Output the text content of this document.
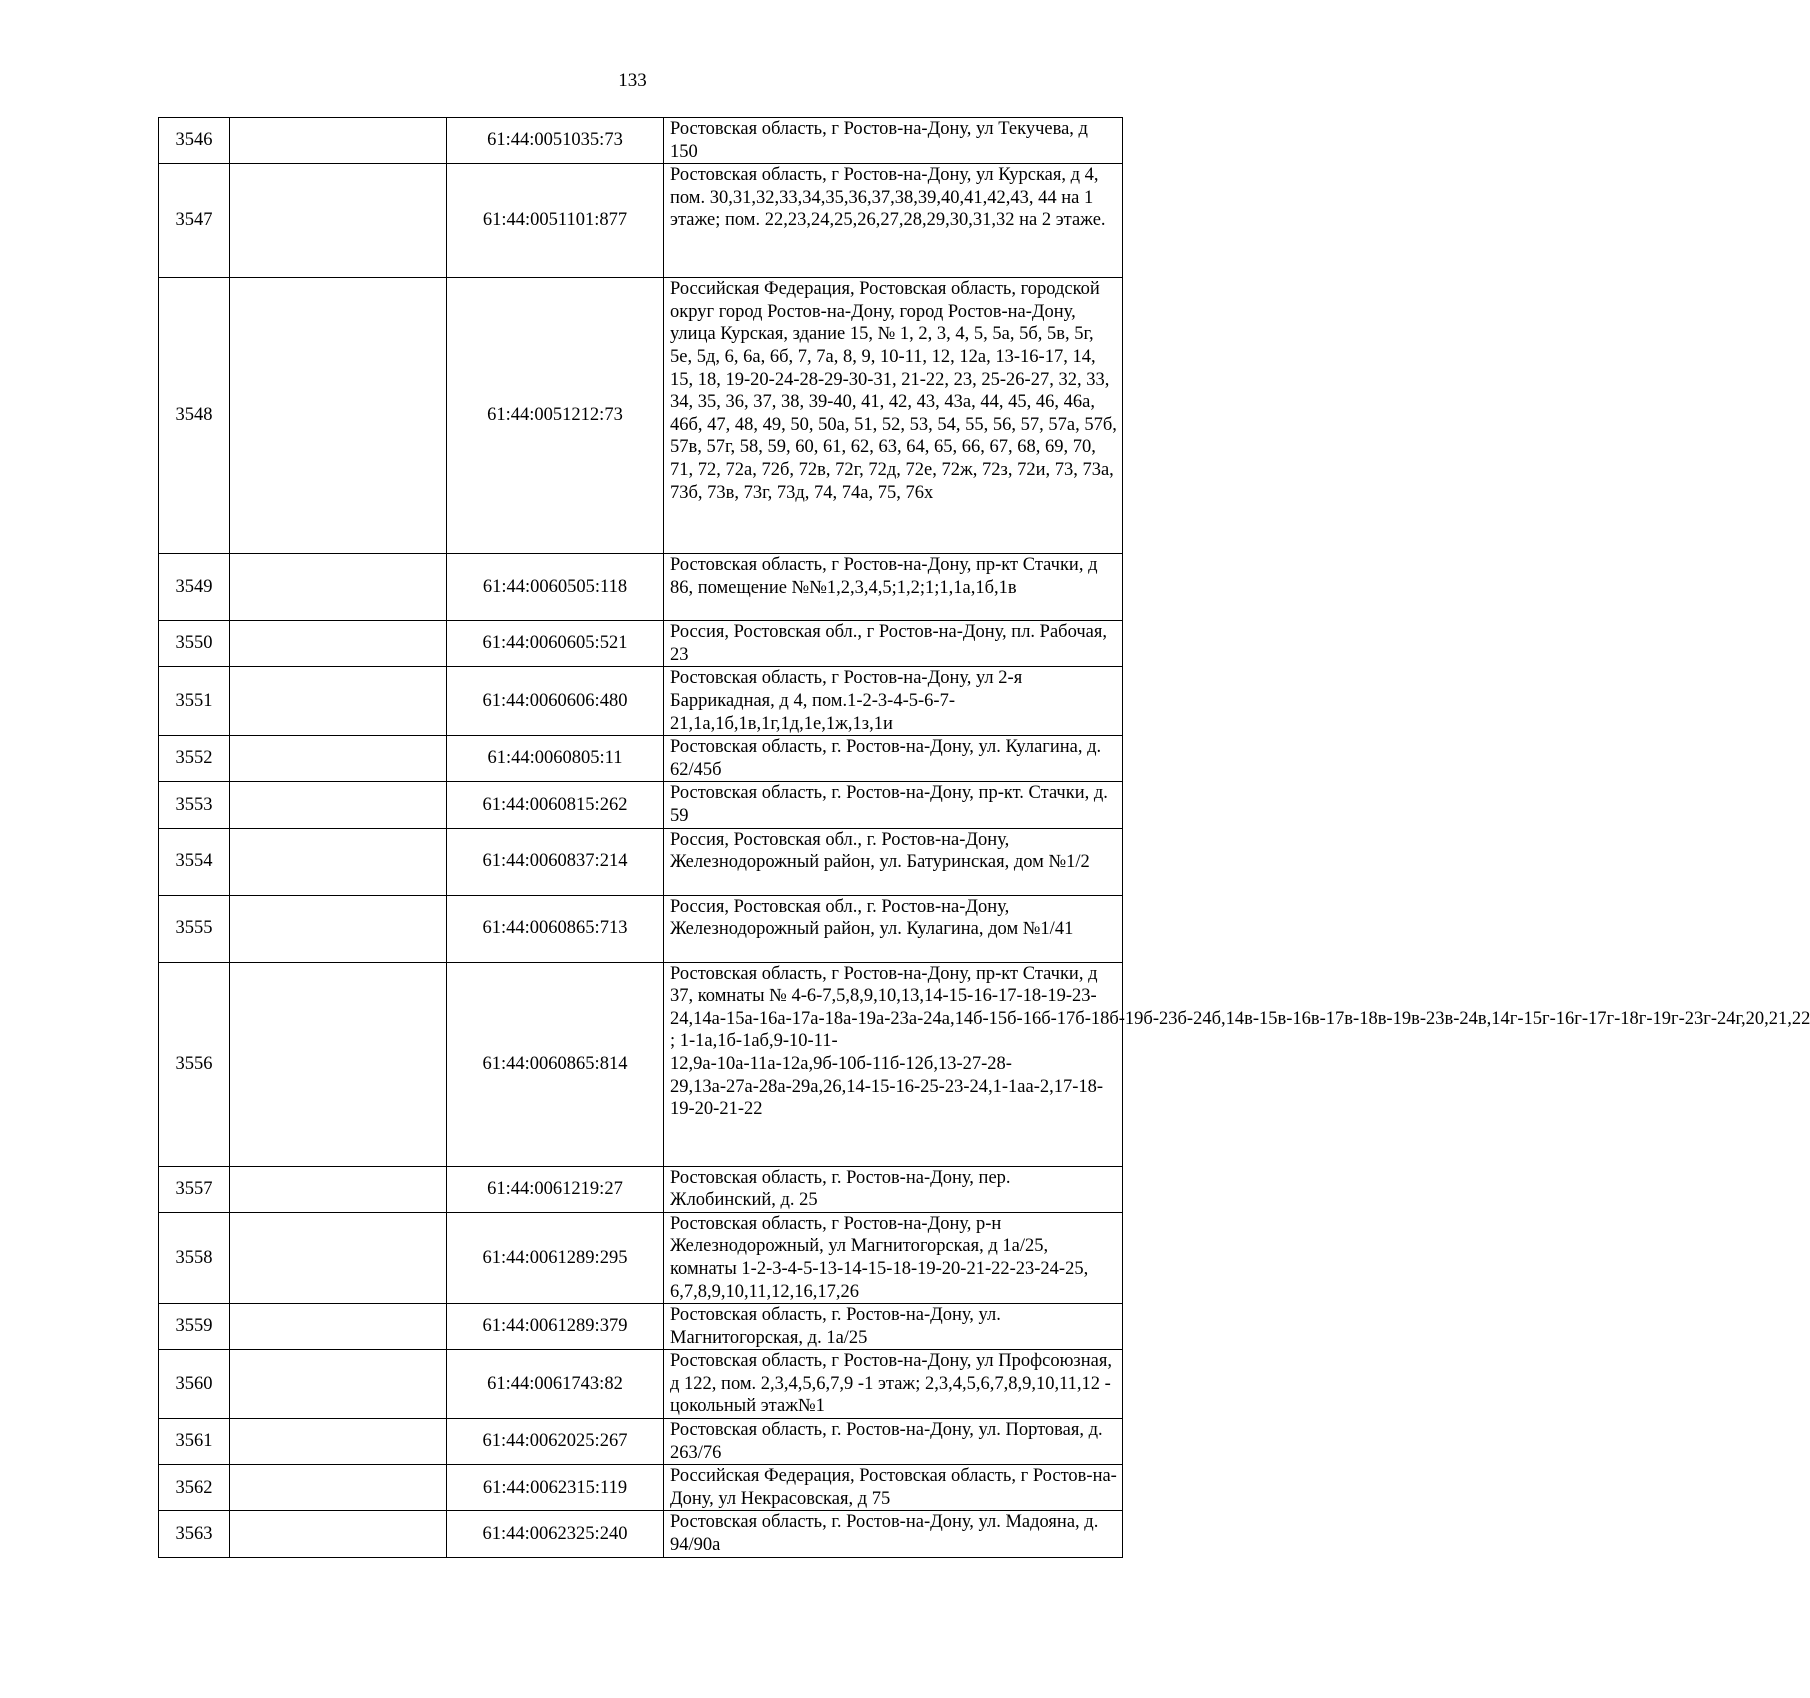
133
3546		61:44:0051035:73	Ростовская область, г Ростов-на-Дону, ул Текучева, д 150
3547		61:44:0051101:877	Ростовская область, г Ростов-на-Дону, ул Курская, д 4, пом. 30,31,32,33,34,35,36,37,38,39,40,41,42,43, 44 на 1 этаже; пом. 22,23,24,25,26,27,28,29,30,31,32 на 2 этаже.
3548		61:44:0051212:73	Российская Федерация, Ростовская область, городской округ город Ростов-на-Дону, город Ростов-на-Дону, улица Курская, здание 15, № 1, 2, 3, 4, 5, 5а, 5б, 5в, 5г, 5е, 5д, 6, 6а, 6б, 7, 7а, 8, 9, 10-11, 12, 12а, 13-16-17, 14, 15, 18, 19-20-24-28-29-30-31, 21-22, 23, 25-26-27, 32, 33, 34, 35, 36, 37, 38, 39-40, 41, 42, 43, 43а, 44, 45, 46, 46а, 46б, 47, 48, 49, 50, 50а, 51, 52, 53, 54, 55, 56, 57, 57а, 57б, 57в, 57г, 58, 59, 60, 61, 62, 63, 64, 65, 66, 67, 68, 69, 70, 71, 72, 72а, 72б, 72в, 72г, 72д, 72е, 72ж, 72з, 72и, 73, 73а, 73б, 73в, 73г, 73д, 74, 74а, 75, 76х
3549		61:44:0060505:118	Ростовская область, г Ростов-на-Дону, пр-кт Стачки, д 86, помещение №№1,2,3,4,5;1,2;1;1,1а,1б,1в
3550		61:44:0060605:521	Россия, Ростовская обл., г Ростов-на-Дону, пл. Рабочая, 23
3551		61:44:0060606:480	Ростовская область, г Ростов-на-Дону, ул 2-я Баррикадная, д 4, пом.1-2-3-4-5-6-7-21,1а,1б,1в,1г,1д,1е,1ж,1з,1и
3552		61:44:0060805:11	Ростовская область, г. Ростов-на-Дону, ул. Кулагина, д. 62/45б
3553		61:44:0060815:262	Ростовская область, г. Ростов-на-Дону, пр-кт. Стачки, д. 59
3554		61:44:0060837:214	Россия, Ростовская обл., г. Ростов-на-Дону, Железнодорожный район, ул. Батуринская, дом №1/2
3555		61:44:0060865:713	Россия, Ростовская обл., г. Ростов-на-Дону, Железнодорожный район, ул. Кулагина, дом №1/41
3556		61:44:0060865:814	Ростовская область, г Ростов-на-Дону, пр-кт Стачки, д 37, комнаты № 4-6-7,5,8,9,10,13,14-15-16-17-18-19-23-24,14а-15а-16а-17а-18а-19а-23а-24а,14б-15б-16б-17б-18б-19б-23б-24б,14в-15в-16в-17в-18в-19в-23в-24в,14г-15г-16г-17г-18г-19г-23г-24г,20,21,22 ; 1-1а,1б-1аб,9-10-11-12,9а-10а-11а-12а,9б-10б-11б-12б,13-27-28-29,13а-27а-28а-29а,26,14-15-16-25-23-24,1-1аа-2,17-18-19-20-21-22
3557		61:44:0061219:27	Ростовская область, г. Ростов-на-Дону, пер. Жлобинский, д. 25
3558		61:44:0061289:295	Ростовская область, г Ростов-на-Дону, р-н Железнодорожный, ул Магнитогорская, д 1а/25, комнаты 1-2-3-4-5-13-14-15-18-19-20-21-22-23-24-25, 6,7,8,9,10,11,12,16,17,26
3559		61:44:0061289:379	Ростовская область, г. Ростов-на-Дону, ул. Магнитогорская, д. 1а/25
3560		61:44:0061743:82	Ростовская область, г Ростов-на-Дону, ул Профсоюзная, д 122, пом. 2,3,4,5,6,7,9 -1 этаж; 2,3,4,5,6,7,8,9,10,11,12 - цокольный этаж№1
3561		61:44:0062025:267	Ростовская область, г. Ростов-на-Дону, ул. Портовая, д. 263/76
3562		61:44:0062315:119	Российская Федерация, Ростовская область, г Ростов-на-Дону, ул Некрасовская, д 75
3563		61:44:0062325:240	Ростовская область, г. Ростов-на-Дону, ул. Мадояна, д. 94/90а
